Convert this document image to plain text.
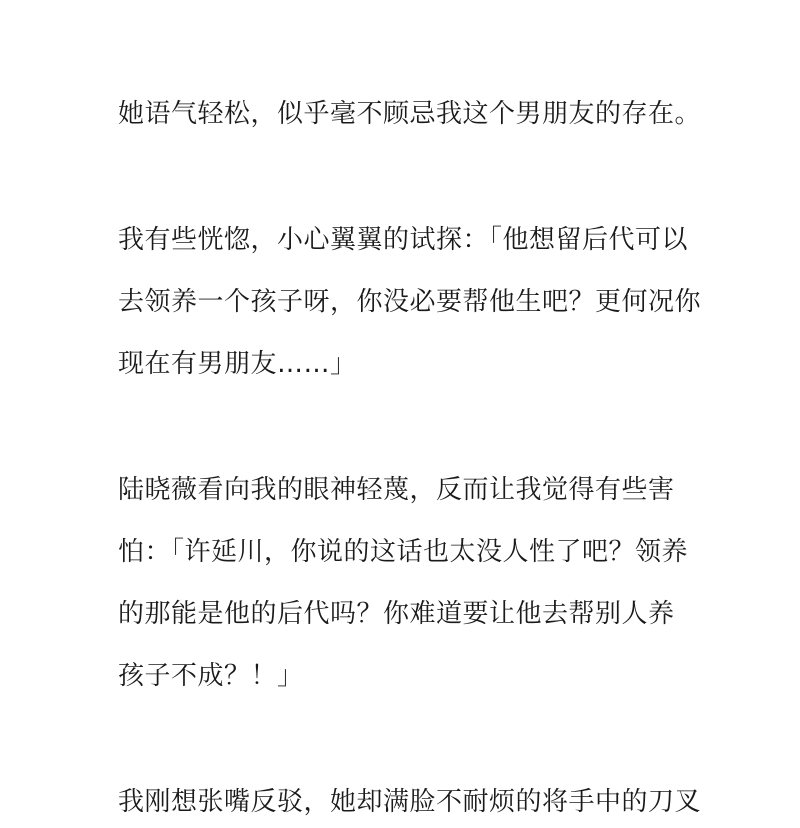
她语气轻松，似乎毫不顾忌我这个男朋友的存在。
我有些恍惚，小心翼翼的试探：「他想留后代可以
去领养一个孩子呀，你没必要帮他生吧？更何况你
现在有男朋友……」
陆晓薇看向我的眼神轻蔑，反而让我觉得有些害
怕：「许延川，你说的这话也太没人性了吧？领养
的那能是他的后代吗？你难道要让他去帮别人养
孩子不成？！」
我刚想张嘴反驳，她却满脸不耐烦的将手中的刀叉
